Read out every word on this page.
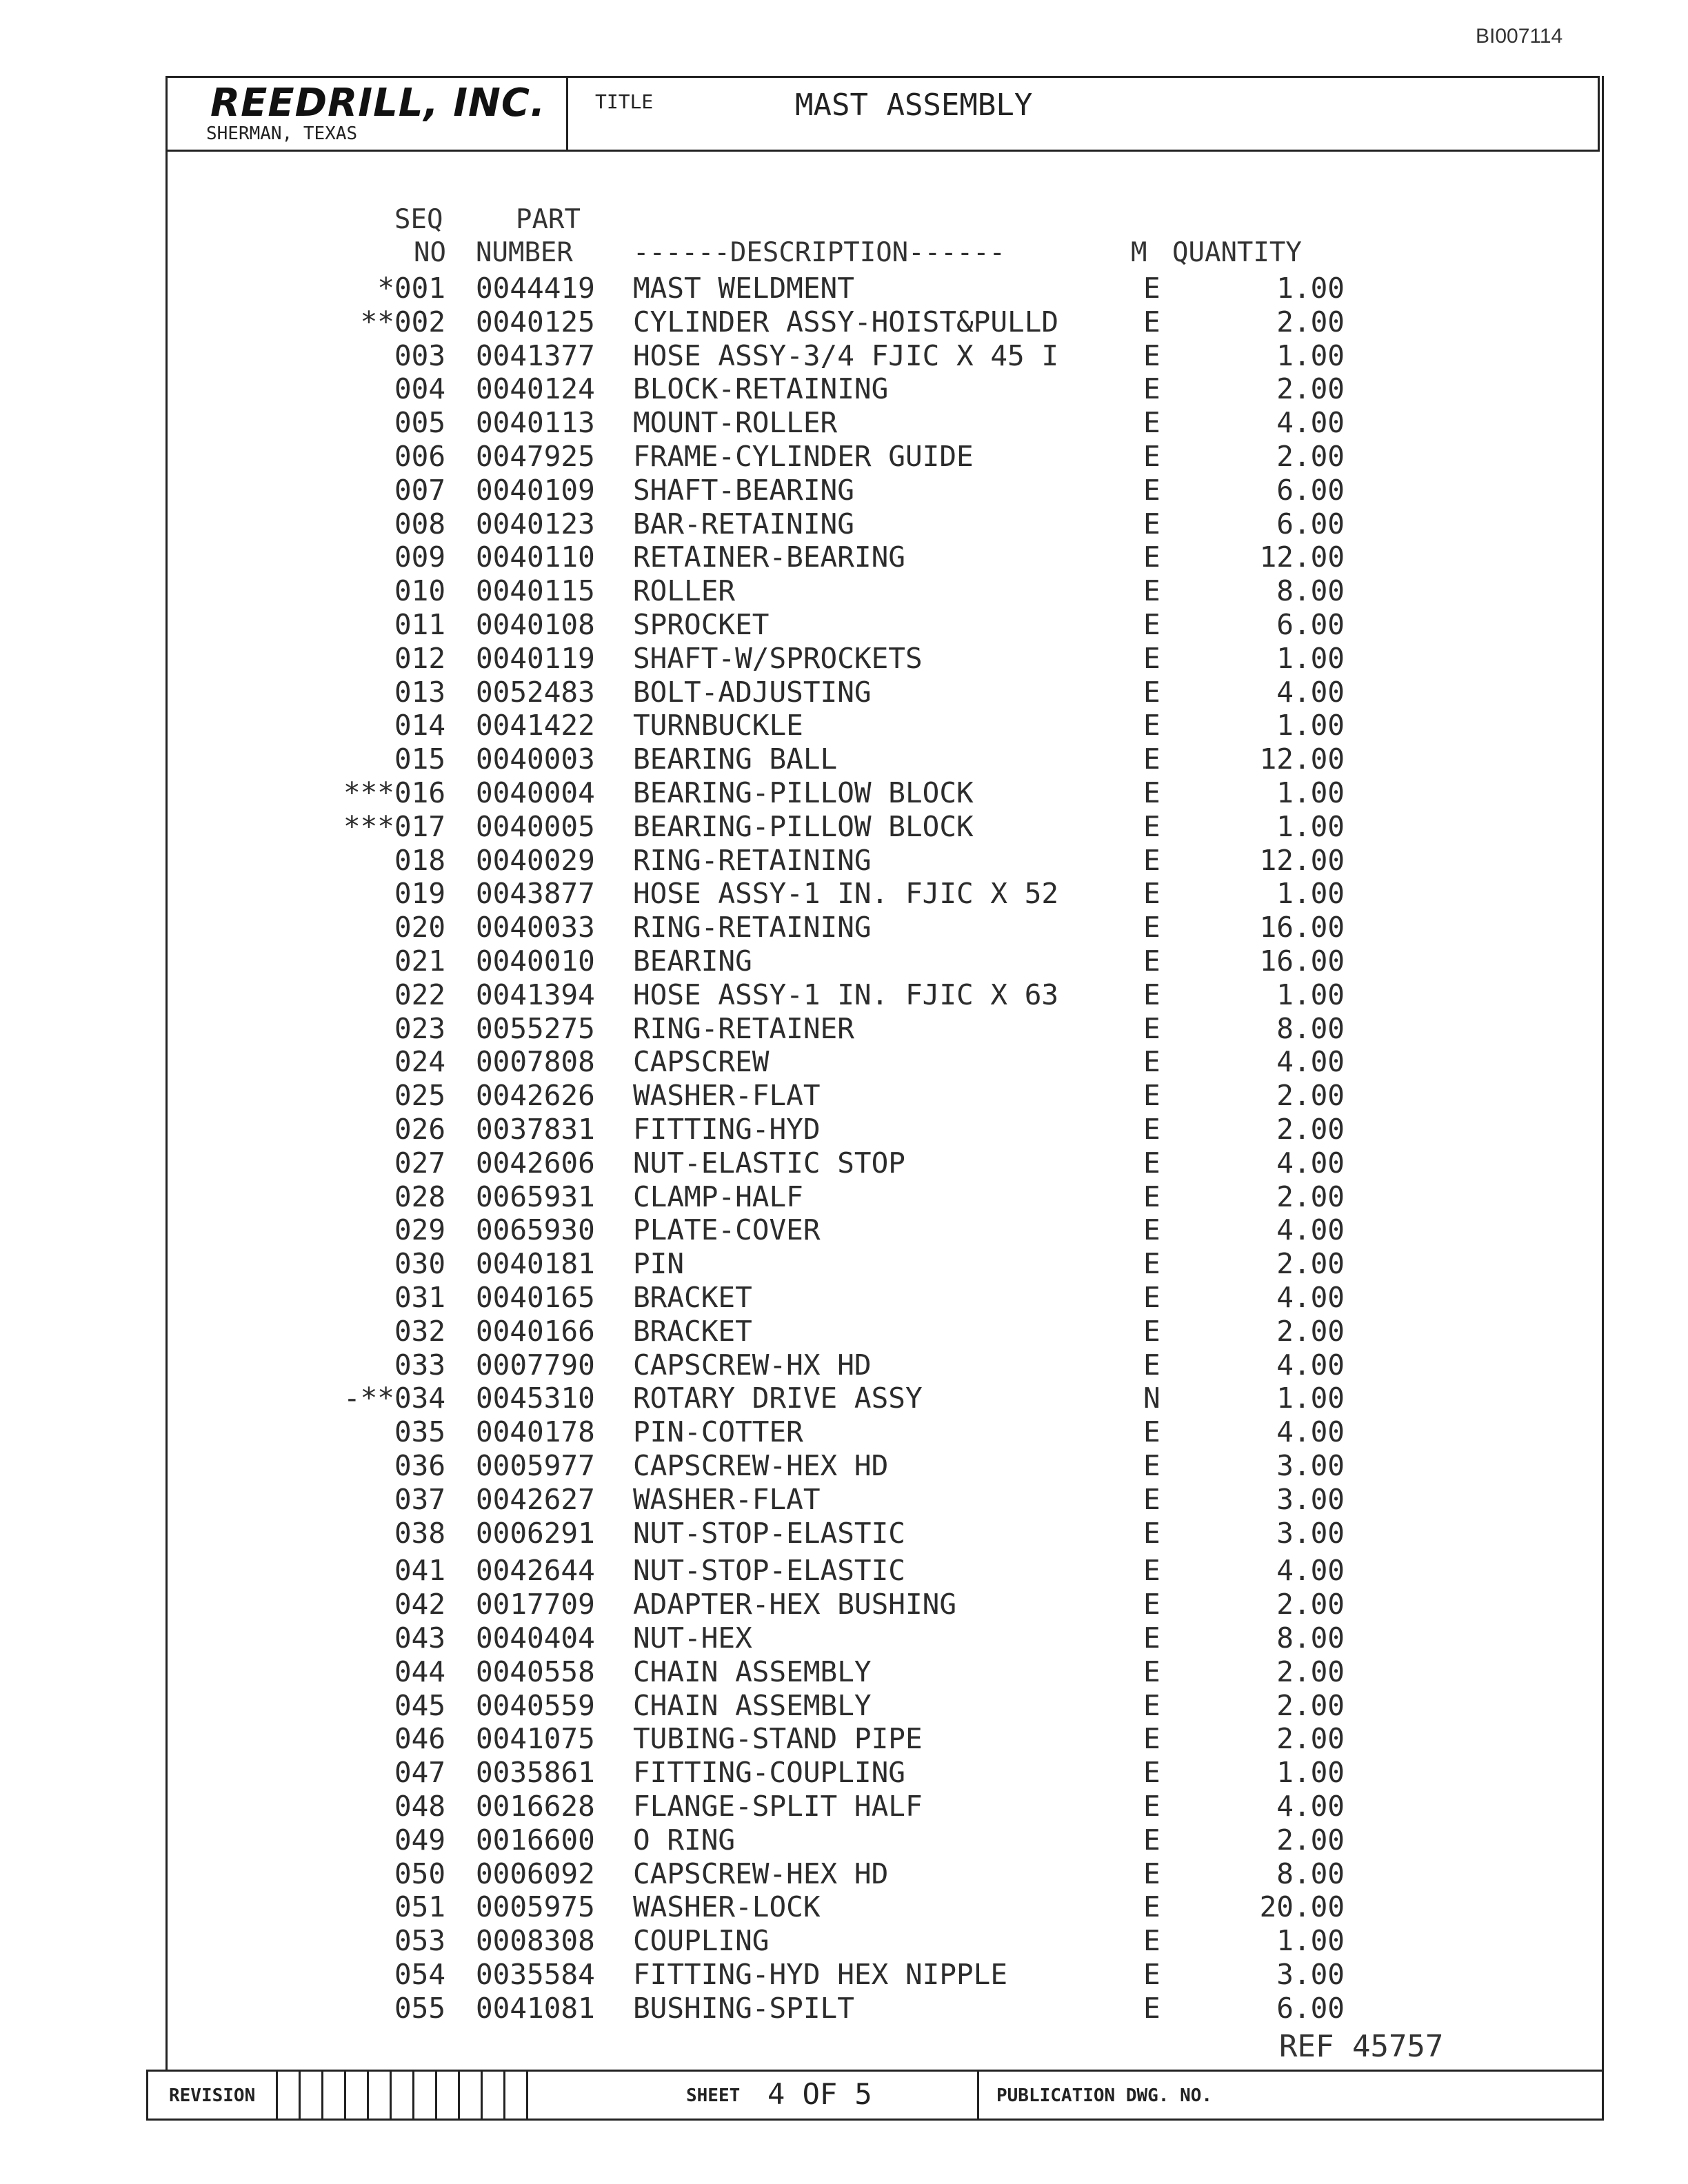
BI007114
REEDRILL, INC.
SHERMAN, TEXAS
TITLE	MAST ASSEMBLY
SEQ	PART
NO NUMBER ------DESCRIPTION------	M QUANTITY
* 001 0044419 MAST WELDMENT	E	1.00
** 002 0040125 CYLINDER ASSY-HOIST&PULLD	E	2.00
003 0041377 HOSE ASSY-3/4 FJIC X 45 I	E	1.00
004 0040124 BLOCK-RETAINING	E	2.00
005 0040113 MOUNT-ROLLER	E	4.00
006 0047925 FRAME-CYLINDER GUIDE	E	2.00
007 0040109 SHAFT-BEARING	E	6.00
008 0040123 BAR-RETAINING	E	6.00
009 0040110 RETAINER-BEARING	E	12.00
010 0040115 ROLLER	E	8.00
011 0040108 SPROCKET	E	6.00
012 0040119 SHAFT-W/SPROCKETS	E	1.00
013 0052483 BOLT-ADJUSTING	E	4.00
014 0041422 TURNBUCKLE	E	1.00
015 0040003 BEARING BALL	E	12.00
*** 016 0040004 BEARING-PILLOW BLOCK	E	1.00
*** 017 0040005 BEARING-PILLOW BLOCK	E	1.00
018 0040029 RING-RETAINING	E	12.00
019 0043877 HOSE ASSY-1 IN. FJIC X 52	E	1.00
020 0040033 RING-RETAINING	E	16.00
021 0040010 BEARING	E	16.00
022 0041394 HOSE ASSY-1 IN. FJIC X 63	E	1.00
023 0055275 RING-RETAINER	E	8.00
024 0007808 CAPSCREW	E	4.00
025 0042626 WASHER-FLAT	E	2.00
026 0037831 FITTING-HYD	E	2.00
027 0042606 NUT-ELASTIC STOP	E	4.00
028 0065931 CLAMP-HALF	E	2.00
029 0065930 PLATE-COVER	E	4.00
030 0040181 PIN	E	2.00
031 0040165 BRACKET	E	4.00
032 0040166 BRACKET	E	2.00
033 0007790 CAPSCREW-HX HD	E	4.00
-** 034 0045310 ROTARY DRIVE ASSY	N	1.00
035 0040178 PIN-COTTER	E	4.00
036 0005977 CAPSCREW-HEX HD	E	3.00
037 0042627 WASHER-FLAT	E	3.00
038 0006291 NUT-STOP-ELASTIC	E	3.00
041 0042644 NUT-STOP-ELASTIC	E	4.00
042 0017709 ADAPTER-HEX BUSHING	E	2.00
043 0040404 NUT-HEX	E	8.00
044 0040558 CHAIN ASSEMBLY	E	2.00
045 0040559 CHAIN ASSEMBLY	E	2.00
046 0041075 TUBING-STAND PIPE	E	2.00
047 0035861 FITTING-COUPLING	E	1.00
048 0016628 FLANGE-SPLIT HALF	E	4.00
049 0016600 O RING	E	2.00
050 0006092 CAPSCREW-HEX HD	E	8.00
051 0005975 WASHER-LOCK	E	20.00
053 0008308 COUPLING	E	1.00
054 0035584 FITTING-HYD HEX NIPPLE	E	3.00
055 0041081 BUSHING-SPILT	E	6.00
REF 45757
REVISION	SHEET 4 OF 5	PUBLICATION DWG. NO.
